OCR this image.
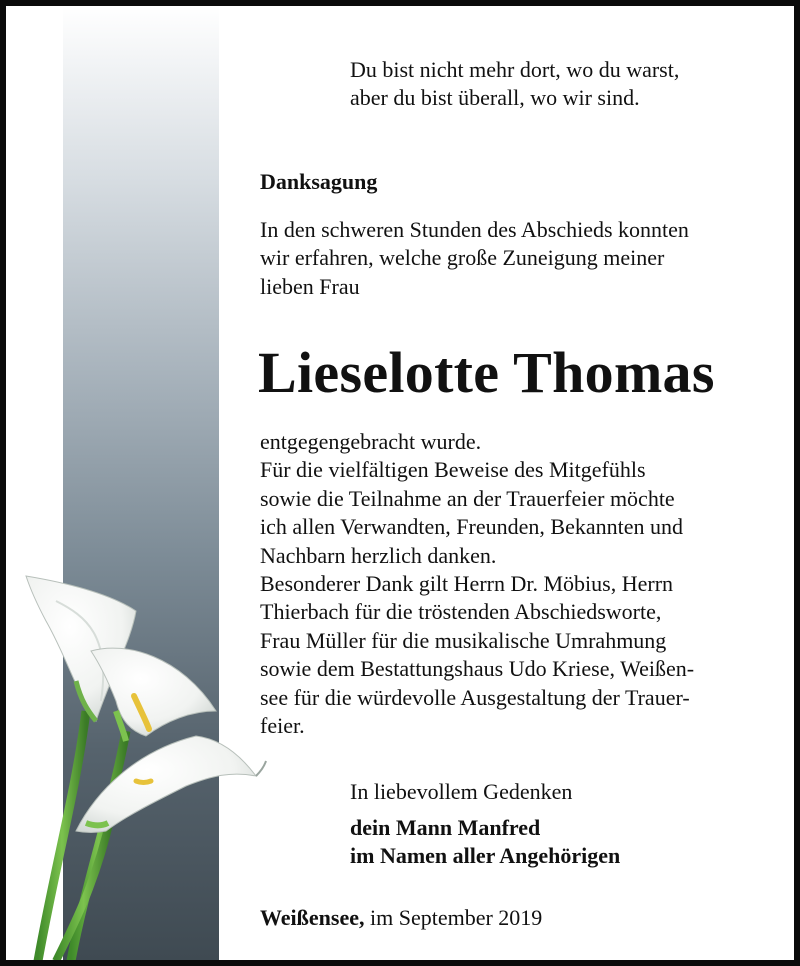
Du bist nicht mehr dort, wo du warst,

aber du bist überall, wo wir sind.

Danksagung

In den schweren Stunden des Abschieds konnten

wir erfahren, welche große Zuneigung meiner

lieben Frau

Lieselotte Thomas

entgegengebracht wurde.

Für die vielfältigen Beweise des Mitgefühls

sowie die Teilnahme an der Trauerfeier möchte

ich allen Verwandten, Freunden, Bekannten und

Nachbarn herzlich danken.

Besonderer Dank gilt Herrn Dr. Möbius, Herrn

Thierbach für die tröstenden Abschiedsworte,

Frau Müller für die musikalische Umrahmung

sowie dem Bestattungshaus Udo Kriese, Weißen-

see für die würdevolle Ausgestaltung der Trauer-

feier.

In liebevollem Gedenken

dein Mann Manfred

im Namen aller Angehörigen

Weißensee, im September 2019
